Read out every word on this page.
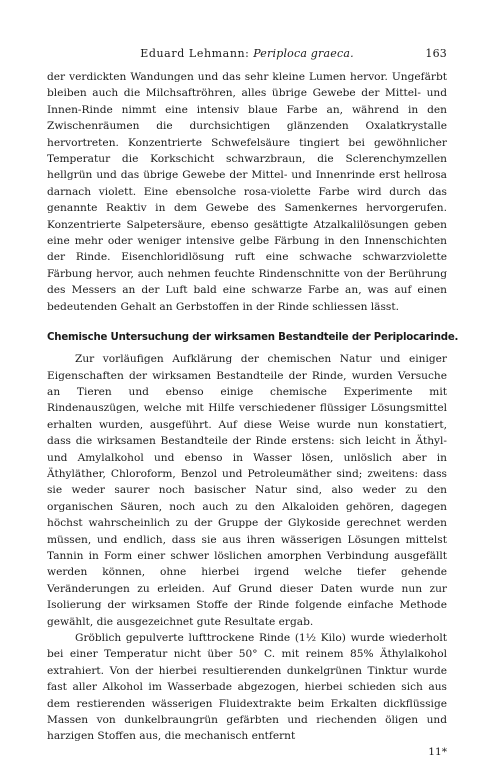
Eduard Lehmann: Periploca graeca.	163

der verdickten Wandungen und das sehr kleine Lumen hervor. Ungefärbt bleiben auch die Milchsaftröhren, alles übrige Gewebe der Mittel- und Innen-Rinde nimmt eine intensiv blaue Farbe an, während in den Zwischenräumen die durchsichtigen glänzenden Oxalatkrystalle hervortreten. Konzentrierte Schwefelsäure tingiert bei gewöhnlicher Temperatur die Korkschicht schwarzbraun, die Sclerenchymzellen hellgrün und das übrige Gewebe der Mittel- und Innenrinde erst hellrosa darnach violett. Eine ebensolche rosa-violette Farbe wird durch das genannte Reaktiv in dem Gewebe des Samenkernes hervorgerufen. Konzentrierte Salpetersäure, ebenso gesättigte Atzalkalilösungen geben eine mehr oder weniger intensive gelbe Färbung in den Innenschichten der Rinde. Eisenchloridlösung ruft eine schwache schwarzviolette Färbung hervor, auch nehmen feuchte Rindenschnitte von der Berührung des Messers an der Luft bald eine schwarze Farbe an, was auf einen bedeutenden Gehalt an Gerbstoffen in der Rinde schliessen lässt.

Chemische Untersuchung der wirksamen Bestandteile der Periplocarinde.

Zur vorläufigen Aufklärung der chemischen Natur und einiger Eigenschaften der wirksamen Bestandteile der Rinde, wurden Versuche an Tieren und ebenso einige chemische Experimente mit Rindenauszügen, welche mit Hilfe verschiedener flüssiger Lösungsmittel erhalten wurden, ausgeführt. Auf diese Weise wurde nun konstatiert, dass die wirksamen Bestandteile der Rinde erstens: sich leicht in Äthyl- und Amylalkohol und ebenso in Wasser lösen, unlöslich aber in Äthyläther, Chloroform, Benzol und Petroleumäther sind; zweitens: dass sie weder saurer noch basischer Natur sind, also weder zu den organischen Säuren, noch auch zu den Alkaloiden gehören, dagegen höchst wahrscheinlich zu der Gruppe der Glykoside gerechnet werden müssen, und endlich, dass sie aus ihren wässerigen Lösungen mittelst Tannin in Form einer schwer löslichen amorphen Verbindung ausgefällt werden können, ohne hierbei irgend welche tiefer gehende Veränderungen zu erleiden. Auf Grund dieser Daten wurde nun zur Isolierung der wirksamen Stoffe der Rinde folgende einfache Methode gewählt, die ausgezeichnet gute Resultate ergab.

Gröblich gepulverte lufttrockene Rinde (1½ Kilo) wurde wiederholt bei einer Temperatur nicht über 50° C. mit reinem 85% Äthylalkohol extrahiert. Von der hierbei resultierenden dunkelgrünen Tinktur wurde fast aller Alkohol im Wasserbade abgezogen, hierbei schieden sich aus dem restierenden wässerigen Fluidextrakte beim Erkalten dickflüssige Massen von dunkelbraungrün gefärbten und riechenden öligen und harzigen Stoffen aus, die mechanisch entfernt

11*
